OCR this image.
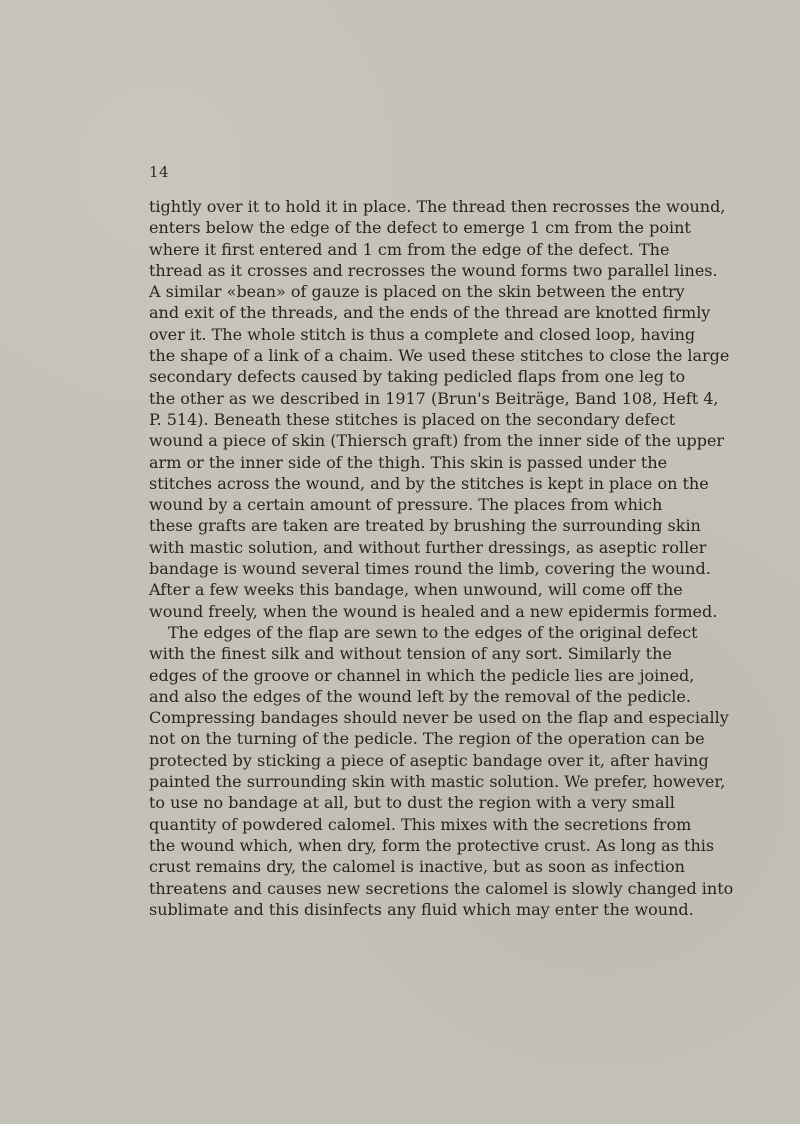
14
tightly over it to hold it in place. The thread then recrosses the wound,
enters below the edge of the defect to emerge 1 cm from the point
where it first entered and 1 cm from the edge of the defect. The
thread as it crosses and recrosses the wound forms two parallel lines.
A similar «bean» of gauze is placed on the skin between the entry
and exit of the threads, and the ends of the thread are knotted firmly
over it. The whole stitch is thus a complete and closed loop, having
the shape of a link of a chaim. We used these stitches to close the large
secondary defects caused by taking pedicled flaps from one leg to
the other as we described in 1917 (Brun's Beiträge, Band 108, Heft 4,
P. 514). Beneath these stitches is placed on the secondary defect
wound a piece of skin (Thiersch graft) from the inner side of the upper
arm or the inner side of the thigh. This skin is passed under the
stitches across the wound, and by the stitches is kept in place on the
wound by a certain amount of pressure. The places from which
these grafts are taken are treated by brushing the surrounding skin
with mastic solution, and without further dressings, as aseptic roller
bandage is wound several times round the limb, covering the wound.
After a few weeks this bandage, when unwound, will come off the
wound freely, when the wound is healed and a new epidermis formed.
The edges of the flap are sewn to the edges of the original defect
with the finest silk and without tension of any sort. Similarly the
edges of the groove or channel in which the pedicle lies are joined,
and also the edges of the wound left by the removal of the pedicle.
Compressing bandages should never be used on the flap and especially
not on the turning of the pedicle. The region of the operation can be
protected by sticking a piece of aseptic bandage over it, after having
painted the surrounding skin with mastic solution. We prefer, however,
to use no bandage at all, but to dust the region with a very small
quantity of powdered calomel. This mixes with the secretions from
the wound which, when dry, form the protective crust. As long as this
crust remains dry, the calomel is inactive, but as soon as infection
threatens and causes new secretions the calomel is slowly changed into
sublimate and this disinfects any fluid which may enter the wound.
